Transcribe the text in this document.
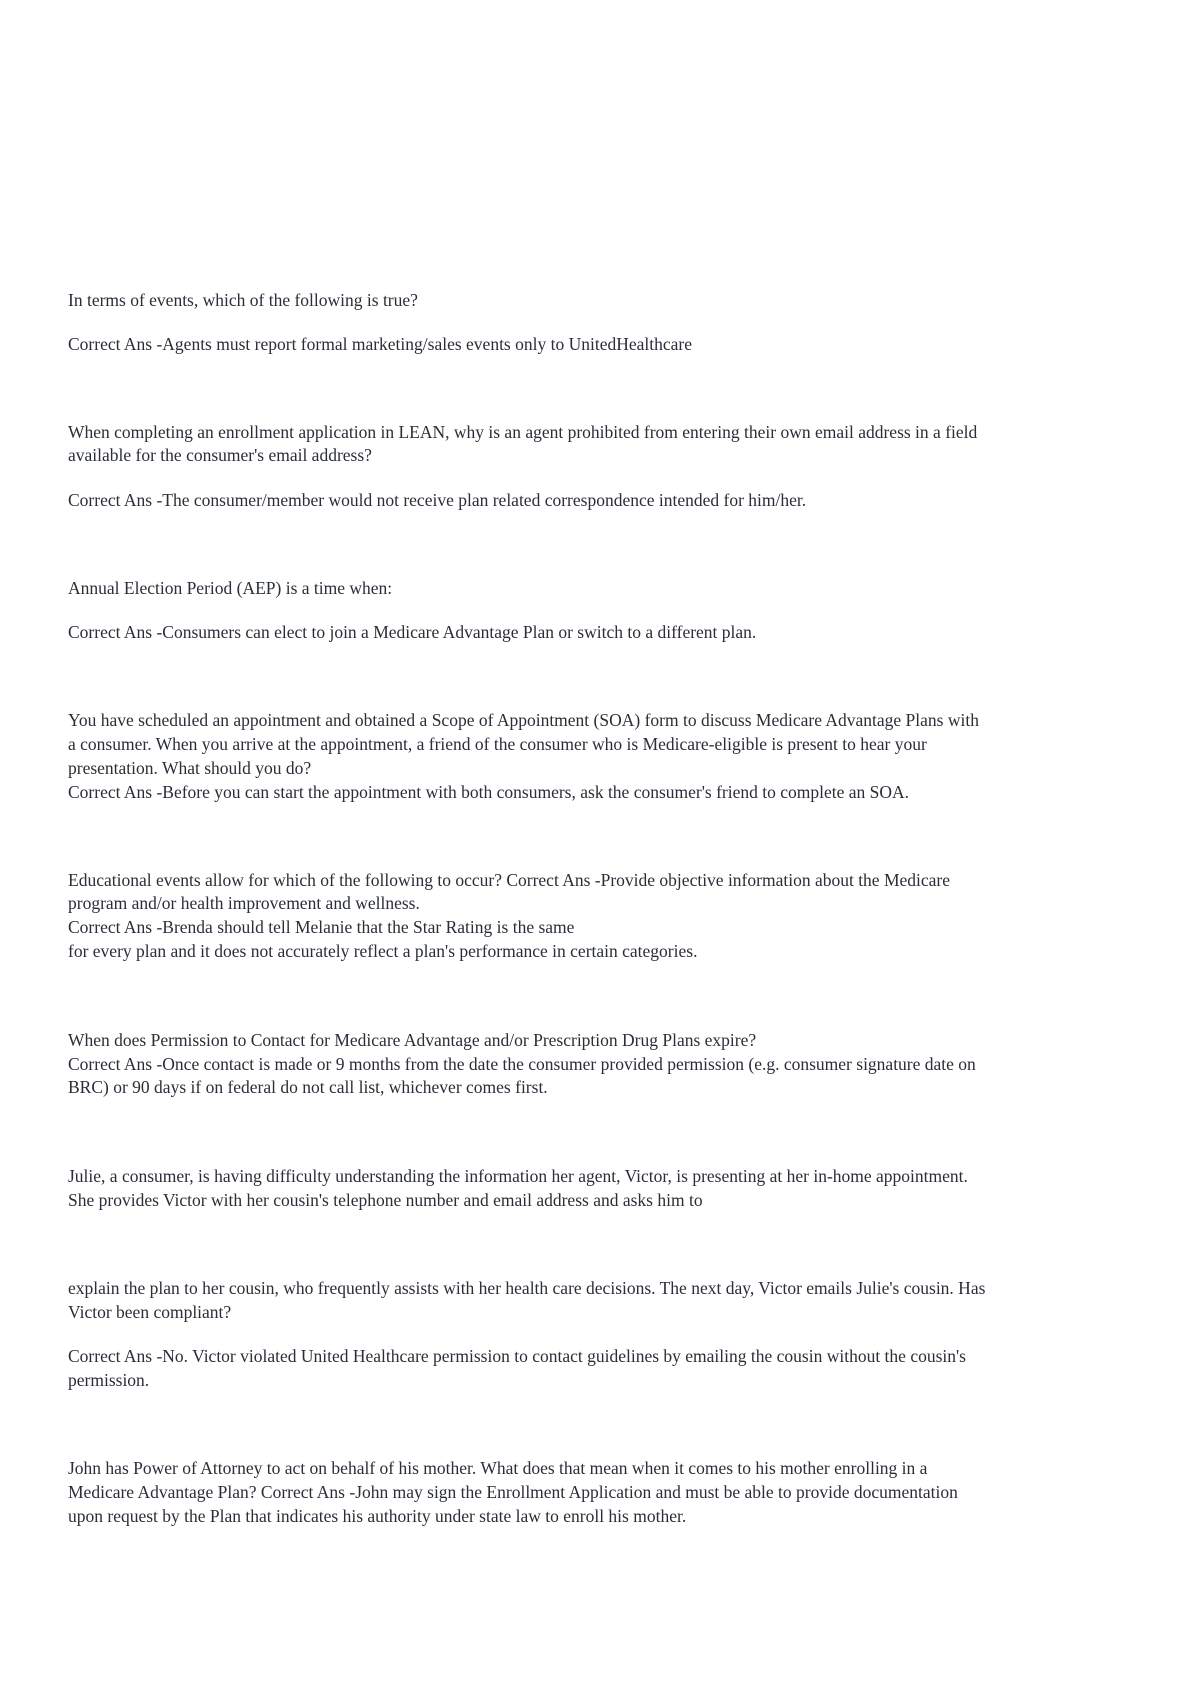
In terms of events, which of the following is true?

Correct Ans -Agents must report formal marketing/sales events only to UnitedHealthcare

When completing an enrollment application in LEAN, why is an agent prohibited from entering their own email address in a field

available for the consumer's email address?

Correct Ans -The consumer/member would not receive plan related correspondence intended for him/her.

Annual Election Period (AEP) is a time when:

Correct Ans -Consumers can elect to join a Medicare Advantage Plan or switch to a different plan.

You have scheduled an appointment and obtained a Scope of Appointment (SOA) form to discuss Medicare Advantage Plans with

a consumer. When you arrive at the appointment, a friend of the consumer who is Medicare-eligible is present to hear your

presentation. What should you do?

Correct Ans -Before you can start the appointment with both consumers, ask the consumer's friend to complete an SOA.

Educational events allow for which of the following to occur? Correct Ans -Provide objective information about the Medicare

program and/or health improvement and wellness.

Correct Ans -Brenda should tell Melanie that the Star Rating is the same

for every plan and it does not accurately reflect a plan's performance in certain categories.

When does Permission to Contact for Medicare Advantage and/or Prescription Drug Plans expire?

Correct Ans -Once contact is made or 9 months from the date the consumer provided permission (e.g. consumer signature date on

BRC) or 90 days if on federal do not call list, whichever comes first.

Julie, a consumer, is having difficulty understanding the information her agent, Victor, is presenting at her in-home appointment.

She provides Victor with her cousin's telephone number and email address and asks him to

explain the plan to her cousin, who frequently assists with her health care decisions. The next day, Victor emails Julie's cousin. Has

Victor been compliant?

Correct Ans -No. Victor violated United Healthcare permission to contact guidelines by emailing the cousin without the cousin's

permission.

John has Power of Attorney to act on behalf of his mother. What does that mean when it comes to his mother enrolling in a

Medicare Advantage Plan? Correct Ans -John may sign the Enrollment Application and must be able to provide documentation

upon request by the Plan that indicates his authority under state law to enroll his mother.
